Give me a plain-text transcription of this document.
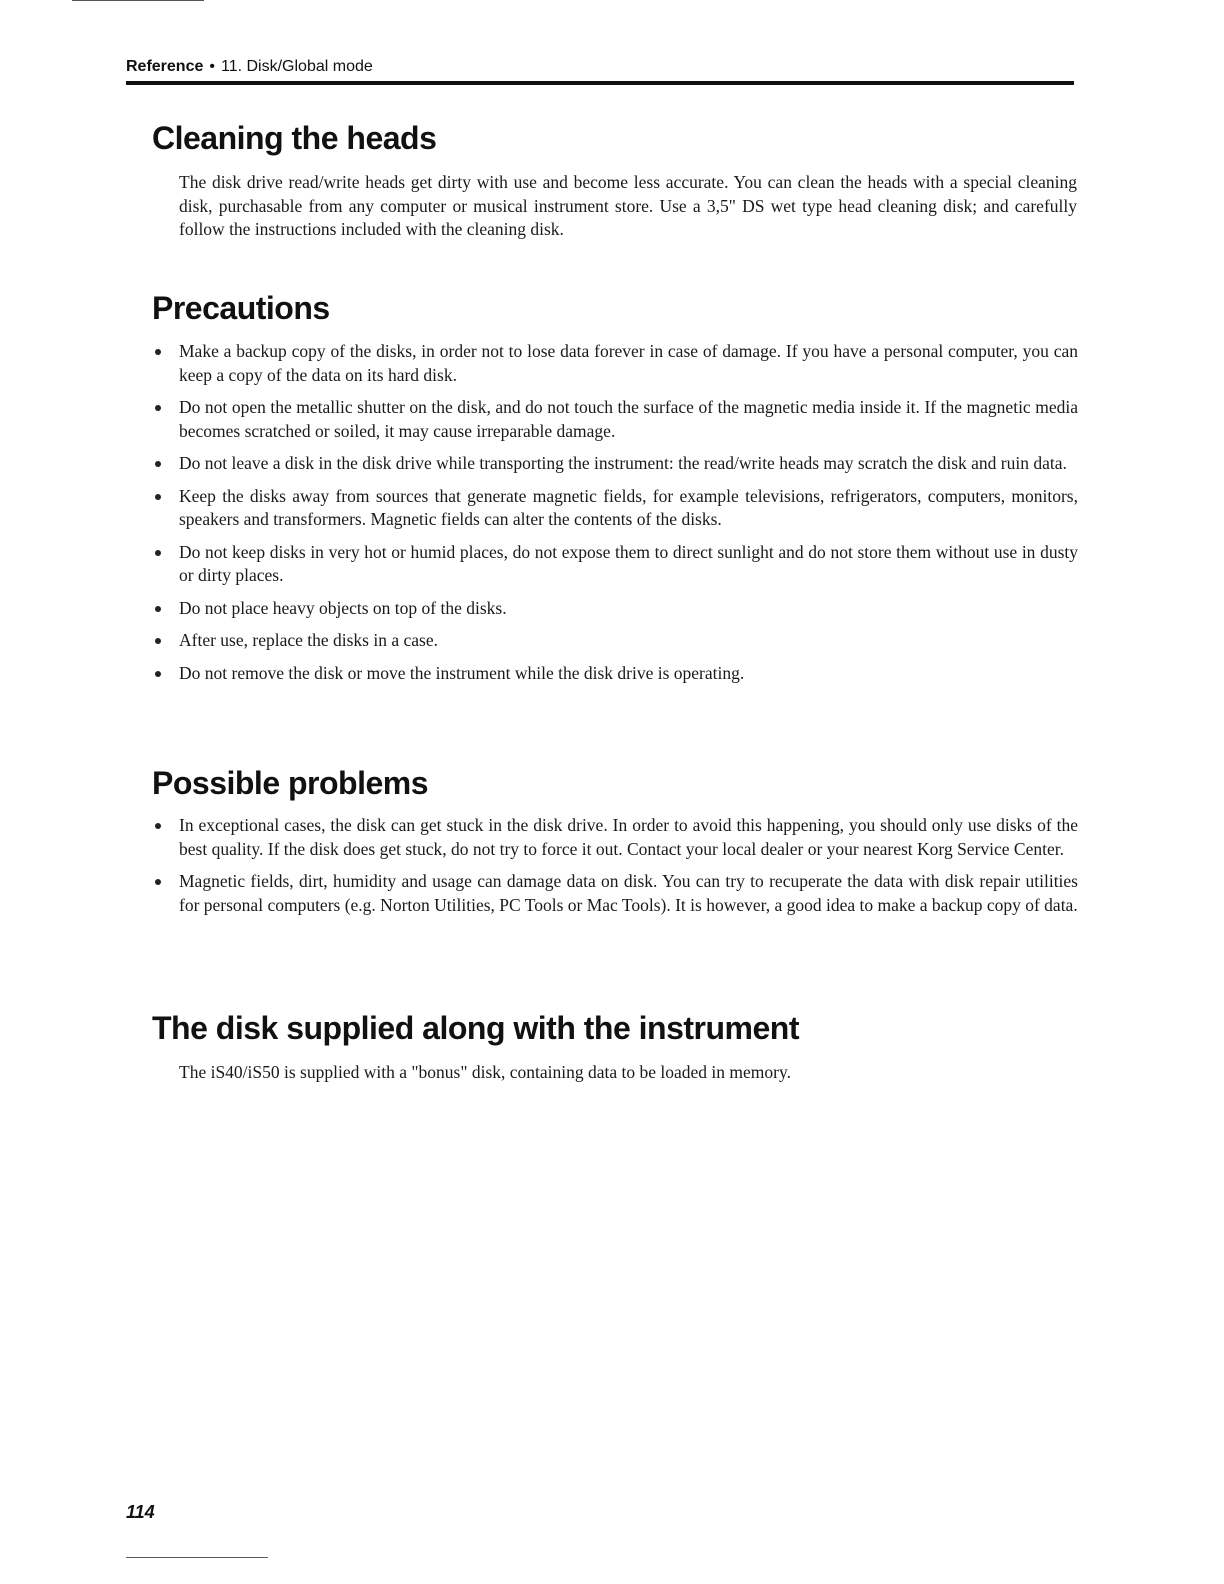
Reference • 11. Disk/Global mode
Cleaning the heads

The disk drive read/write heads get dirty with use and become less accurate. You can clean the heads with a special cleaning disk, purchasable from any computer or musical instrument store. Use a 3,5" DS wet type head cleaning disk; and carefully follow the instructions included with the cleaning disk.

Precautions
Make a backup copy of the disks, in order not to lose data forever in case of damage. If you have a personal computer, you can keep a copy of the data on its hard disk.
Do not open the metallic shutter on the disk, and do not touch the surface of the magnetic media inside it. If the magnetic media becomes scratched or soiled, it may cause irreparable damage.
Do not leave a disk in the disk drive while transporting the instrument: the read/write heads may scratch the disk and ruin data.
Keep the disks away from sources that generate magnetic fields, for example televisions, refrigerators, computers, monitors, speakers and transformers. Magnetic fields can alter the contents of the disks.
Do not keep disks in very hot or humid places, do not expose them to direct sunlight and do not store them without use in dusty or dirty places.
Do not place heavy objects on top of the disks.
After use, replace the disks in a case.
Do not remove the disk or move the instrument while the disk drive is operating.
Possible problems
In exceptional cases, the disk can get stuck in the disk drive. In order to avoid this happening, you should only use disks of the best quality. If the disk does get stuck, do not try to force it out. Contact your local dealer or your nearest Korg Service Center.
Magnetic fields, dirt, humidity and usage can damage data on disk. You can try to recuperate the data with disk repair utilities for personal computers (e.g. Norton Utilities, PC Tools or Mac Tools). It is however, a good idea to make a backup copy of data.
The disk supplied along with the instrument

The iS40/iS50 is supplied with a "bonus" disk, containing data to be loaded in memory.

114
